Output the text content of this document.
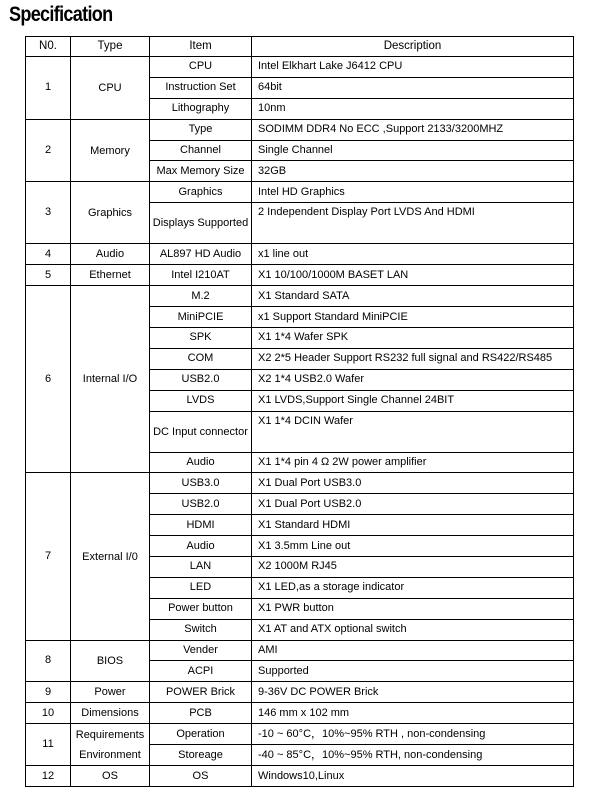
Specification
N0.	Type	Item	Description
1	CPU	CPU	Intel Elkhart Lake J6412 CPU
		Instruction Set	64bit
		Lithography	10nm
2	Memory	Type	SODIMM DDR4 No ECC ,Support 2133/3200MHZ
		Channel	Single Channel
		Max Memory Size	32GB
3	Graphics	Graphics	Intel HD Graphics
		Displays Supported	2 Independent Display Port LVDS And HDMI
4	Audio	AL897 HD Audio	x1 line out
5	Ethernet	Intel I210AT	X1 10/100/1000M BASET LAN
6	Internal I/O	M.2	X1 Standard SATA
		MiniPCIE	x1 Support Standard MiniPCIE
		SPK	X1 1*4 Wafer SPK
		COM	X2 2*5 Header Support RS232 full signal and RS422/RS485
		USB2.0	X2 1*4 USB2.0 Wafer
		LVDS	X1 LVDS,Support Single Channel 24BIT
		DC Input connector	X1 1*4 DCIN Wafer
		Audio	X1 1*4 pin 4 Ω 2W power amplifier
7	External I/0	USB3.0	X1 Dual Port USB3.0
		USB2.0	X1 Dual Port USB2.0
		HDMI	X1 Standard HDMI
		Audio	X1 3.5mm Line out
		LAN	X2 1000M RJ45
		LED	X1 LED,as a storage indicator
		Power button	X1 PWR button
		Switch	X1 AT and ATX optional switch
8	BIOS	Vender	AMI
		ACPI	Supported
9	Power	POWER Brick	9-36V DC POWER Brick
10	Dimensions	PCB	146 mm x 102 mm
11	Requirements Environment	Operation	-10 ~ 60°C，10%~95% RTH , non-condensing
		Storeage	-40 ~ 85°C，10%~95% RTH, non-condensing
12	OS	OS	Windows10,Linux
